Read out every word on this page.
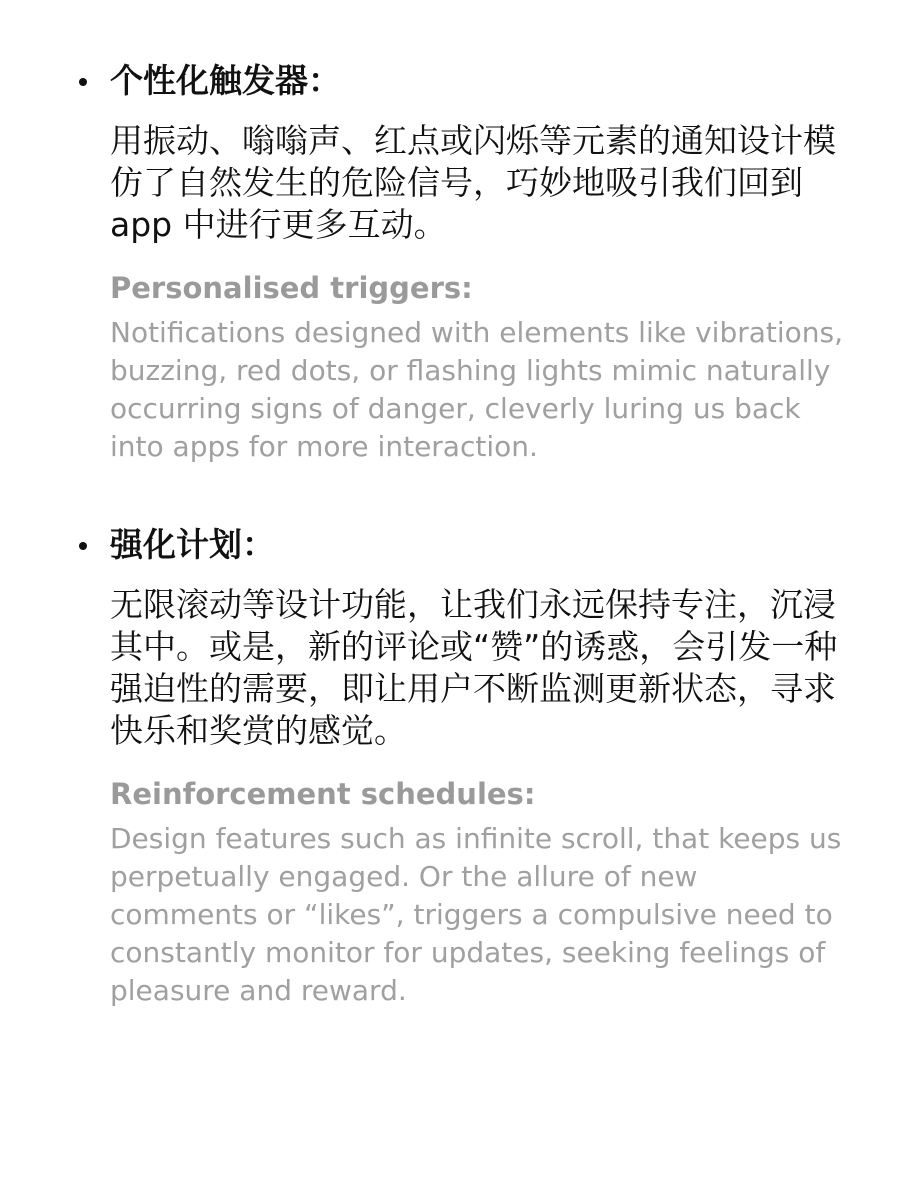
个性化触发器：
用振动、嗡嗡声、红点或闪烁等元素的通知设计模仿了自然发生的危险信号，巧妙地吸引我们回到 app 中进行更多互动。
Personalised triggers:
Notifications designed with elements like vibrations, buzzing, red dots, or flashing lights mimic naturally occurring signs of danger, cleverly luring us back into apps for more interaction.
强化计划：
无限滚动等设计功能，让我们永远保持专注，沉浸其中。或是，新的评论或“赞”的诱惑，会引发一种强迫性的需要，即让用户不断监测更新状态，寻求快乐和奖赏的感觉。
Reinforcement schedules:
Design features such as infinite scroll, that keeps us perpetually engaged. Or the allure of new comments or “likes”, triggers a compulsive need to constantly monitor for updates, seeking feelings of pleasure and reward.
